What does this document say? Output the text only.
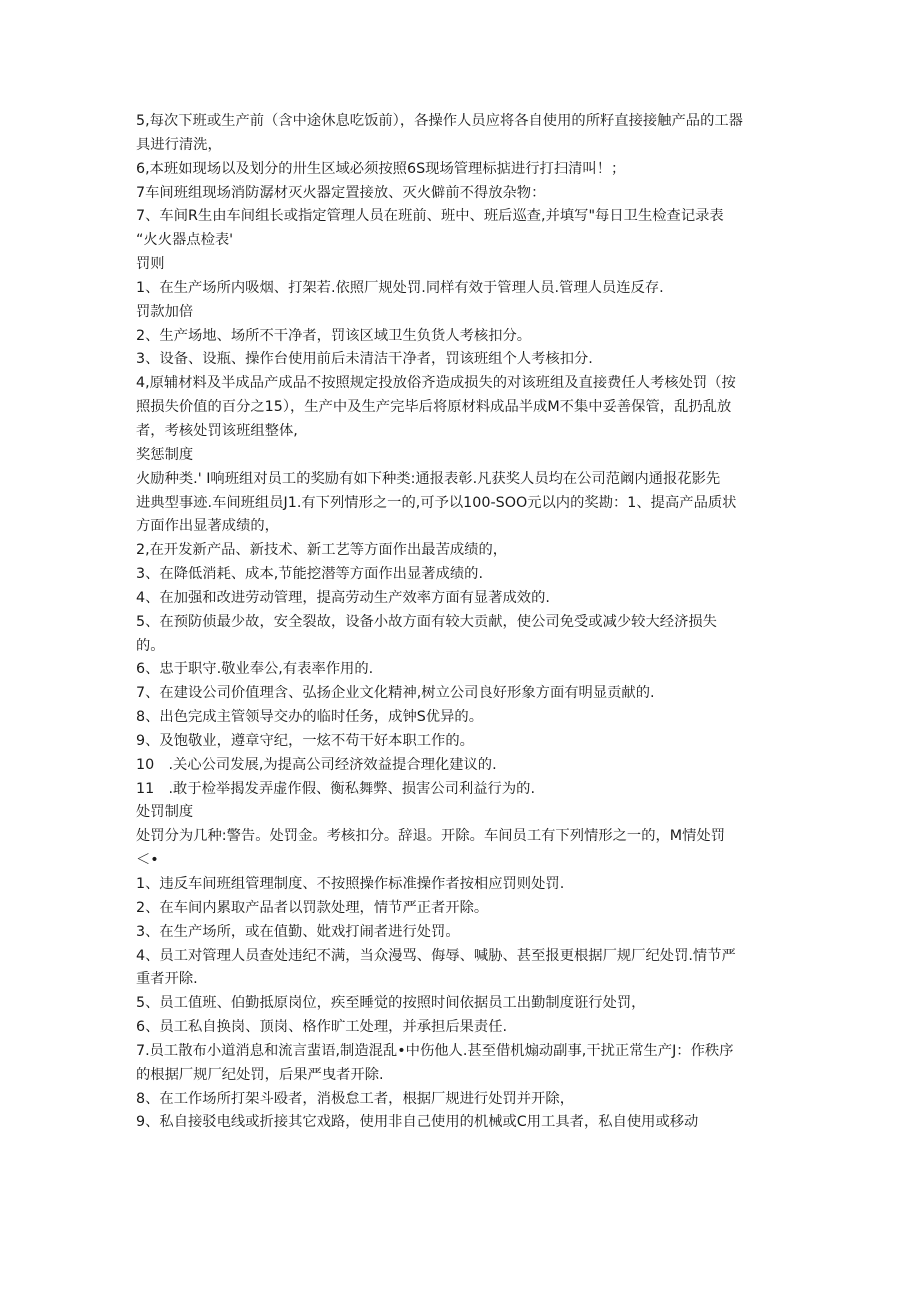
5,每次下班或生产前（含中途休息吃饭前），各操作人员应将各自使用的所籽直接接触产品的工器
具进行清洗，
6,本班如现场以及划分的卅生区域必须按照6S现场管理标掂进行打扫清叫！；
7车间班组现场消防潺材灭火器定置接放、灭火僻前不得放杂物：
7、车间R生由车间组长或指定管理人员在班前、班中、班后巡查,并填写"每日卫生检查记录表
“火火器点检表'
罚则
1、在生产场所内吸烟、打架若.依照厂规处罚.同样有效于管理人员.管理人员连反存.
罚款加倍
2、生产场地、场所不干净者，罚该区域卫生负货人考核扣分。
3、设备、设瓶、操作台使用前后未清洁干净者，罚该班组个人考核扣分.
4,原辅材料及半成品产成品不按照规定投放俗齐造成损失的对该班组及直接费任人考核处罚（按
照损失价值的百分之15），生产中及生产完毕后将原材料成品半成M不集中妥善保管，乱扔乱放
者，考核处罚该班组整体,
奖惩制度
火励种类.' I响班组对员工的奖励有如下种类:通报表彰.凡获奖人员均在公司范阚内通报花影先
进典型事迹.车间班组员J1.有下列情形之一的,可予以100-SOO元以内的奖勘：1、提高产品质状
方面作出显著成绩的，
2,在开发新产品、新技术、新工艺等方面作出最苦成绩的，
3、在降低消耗、成本,节能挖潜等方面作出显著成绩的.
4、在加强和改进劳动管理，提高劳动生产效率方面有显著成效的.
5、在预防侦最少故，安全裂故，设备小故方面有较大贡献，使公司免受或减少较大经济损失
的。
6、忠于职守.敬业奉公,有表率作用的.
7、在建设公司价值理含、弘扬企业文化精神,树立公司良好形象方面有明显贡献的.
8、出色完成主管领导交办的临时任务，成钟S优异的。
9、及饱敬业，遵章守纪，一炫不苟干好本职工作的。
10　.关心公司发展,为提高公司经济效益提合理化建议的.
11　.敢于检举揭发弄虚作假、衡私舞弊、损害公司利益行为的.
处罚制度
处罚分为几种:警告。处罚金。考核扣分。辞退。开除。车间员工有下列情形之一的，M情处罚
＜•
1、违反车间班组管理制度、不按照操作标准操作者按相应罚则处罚.
2、在车间内累取产品者以罚款处理，情节严正者开除。
3、在生产场所，或在值勤、妣戏打闹者进行处罚。
4、员工对管理人员查处违纪不满，当众漫骂、侮辱、喊胁、甚至报更根据厂规厂纪处罚.情节严
重者开除.
5、员工值班、伯勤抵原岗位，疾至睡觉的按照时间依据员工出勤制度诳行处罚，
6、员工私自换岗、顶岗、格作旷工处理，并承担后果责任.
7.员工散布小道消息和流言蜚语,制造混乱•中伤他人.甚至借机煽动副事,干扰正常生产J：作秩序
的根据厂规厂纪处罚，后果严曳者开除.
8、在工作场所打架斗殴者，消极怠工者，根据厂规进行处罚并开除，
9、私自接驳电线或折接其它戏路，使用非自己使用的机械或C用工具者，私自使用或移动
